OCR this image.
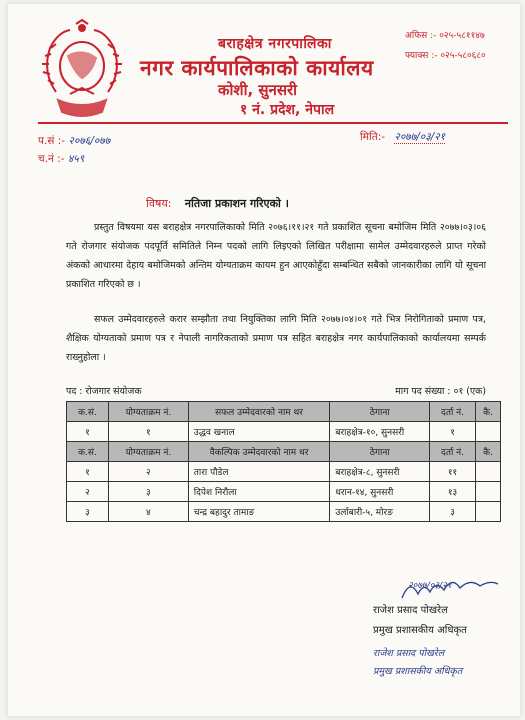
बराहक्षेत्र नगरपालिका
नगर कार्यपालिकाको कार्यालय
कोशी, सुनसरी
१ नं. प्रदेश, नेपाल
अफिस :- ०२५-५८११४७
फ्याक्स :- ०२५-५८०६८०
प.सं :- २०७६/०७७
च.नं :- ४५९
मिति:- २०७७/०३/२१
विषय: नतिजा प्रकाशन गरिएको ।
प्रस्तुत विषयमा यस बराहक्षेत्र नगरपालिकाको मिति २०७६।११।२१ गते प्रकाशित सूचना बमोजिम मिति २०७७।०३।०६ गते रोजगार संयोजक पदपूर्ति समितिले निम्न पदको लागि लिइएको लिखित परीक्षामा सामेल उम्मेदवारहरुले प्राप्त गरेको अंकको आधारमा देहाय बमोजिमको अन्तिम योग्यताक्रम कायम हुन आएकोहुँदा सम्बन्धित सबैको जानकारीका लागि यो सूचना प्रकाशित गरिएको छ ।
सफल उम्मेदवारहरुले करार सम्झौता तथा नियुक्तिका लागि मिति २०७७।०४।०१ गते भित्र निरोगिताको प्रमाण पत्र, शैक्षिक योग्यताको प्रमाण पत्र र नेपाली नागरिकताको प्रमाण पत्र सहित बराहक्षेत्र नगर कार्यपालिकाको कार्यालयमा सम्पर्क राख्नुहोला ।
पद : रोजगार संयोजक	माग पद संख्या : ०१ (एक)
क.सं.	योग्यताक्रम नं.	सफल उम्मेदवारको नाम थर	ठेगाना	दर्ता नं.	कै.
१	१	उद्धव खनाल	बराहक्षेत्र-१०, सुनसरी	१	
क.सं.	योग्यताक्रम नं.	वैकल्पिक उम्मेदवारको नाम थर	ठेगाना	दर्ता नं.	कै.
१	२	तारा पौडेल	बराहक्षेत्र-८, सुनसरी	११	
२	३	दिपेश निरौला	धरान-१४, सुनसरी	१३	
३	४	चन्द्र बहादुर तामाङ	उर्लाबारी-५, मोरङ	३	
२०७७/०३/२१
राजेश प्रसाद पोखरेल
प्रमुख प्रशासकीय अधिकृत
राजेश प्रसाद पोखरेल
प्रमुख प्रशासकीय अधिकृत
